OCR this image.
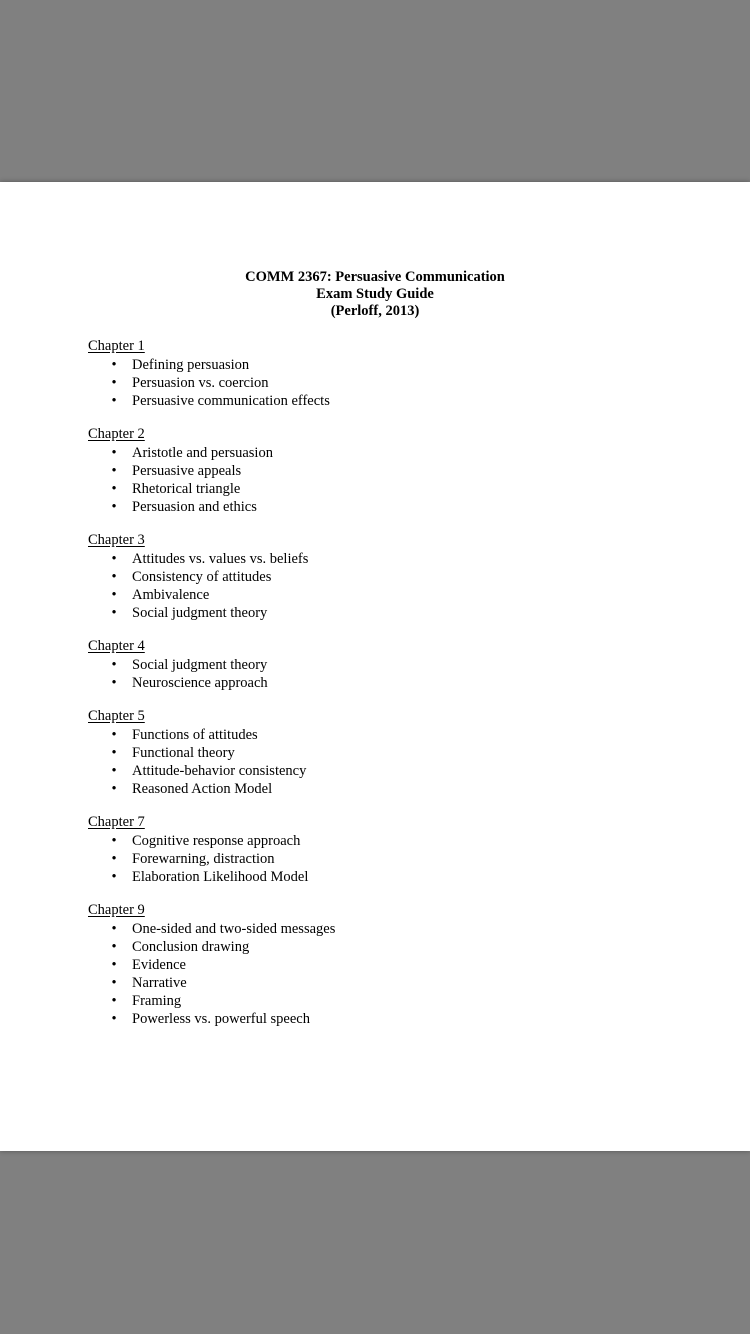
COMM 2367: Persuasive Communication
Exam Study Guide
(Perloff, 2013)
Chapter 1
• Defining persuasion
• Persuasion vs. coercion
• Persuasive communication effects
Chapter 2
• Aristotle and persuasion
• Persuasive appeals
• Rhetorical triangle
• Persuasion and ethics
Chapter 3
• Attitudes vs. values vs. beliefs
• Consistency of attitudes
• Ambivalence
• Social judgment theory
Chapter 4
• Social judgment theory
• Neuroscience approach
Chapter 5
• Functions of attitudes
• Functional theory
• Attitude-behavior consistency
• Reasoned Action Model
Chapter 7
• Cognitive response approach
• Forewarning, distraction
• Elaboration Likelihood Model
Chapter 9
• One-sided and two-sided messages
• Conclusion drawing
• Evidence
• Narrative
• Framing
• Powerless vs. powerful speech
